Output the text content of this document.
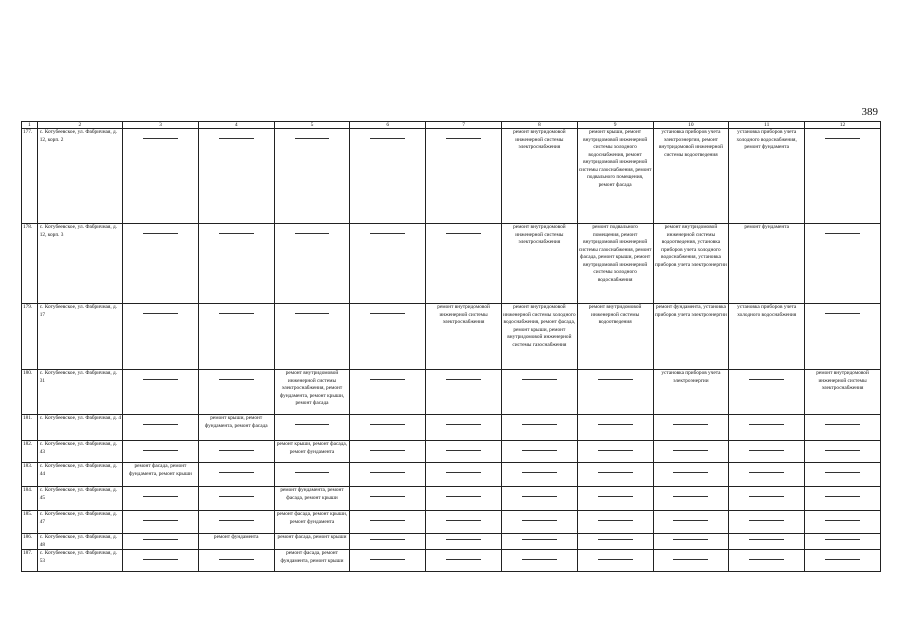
389
1	2	3	4	5	6	7	8	9	10	11	12
177.	с. Котубеевское, ул. Фабричная, д. 12, корп. 2						ремонт внутридомовой инженерной системы электроснабжения	ремонт крыши, ремонт внутридомовой инженерной системы холодного водоснабжения, ремонт внутридомовой инженерной системы газоснабжения, ремонт подвального помещения, ремонт фасада	установка приборов учета электроэнергии, ремонт внутридомовой инженерной системы водоотведения	установка приборов учета холодного водоснабжения, ремонт фундамента	

178.	с. Котубеевское, ул. Фабричная, д. 12, корп. 3						ремонт внутридомовой инженерной системы электроснабжения	ремонт подвального помещения, ремонт внутридомовой инженерной системы газоснабжения, ремонт фасада, ремонт крыши, ремонт внутридомовой инженерной системы холодного водоснабжения	ремонт внутридомовой инженерной системы водоотведения, установка приборов учета холодного водоснабжения, установка приборов учета электроэнергии	ремонт фундамента	

179.	с. Котубеевское, ул. Фабричная, д. 17					ремонт внутридомовой инженерной системы электроснабжения	ремонт внутридомовой инженерной системы холодного водоснабжения, ремонт фасада, ремонт крыши, ремонт внутридомовой инженерной системы газоснабжения	ремонт внутридомовой инженерной системы водоотведения	ремонт фундамента, установка приборов учета электроэнергии	установка приборов учета холодного водоснабжения	

180.	с. Котубеевское, ул. Фабричная, д. 31			ремонт внутридомовой инженерной системы электроснабжения, ремонт фундамента, ремонт крыши, ремонт фасада					установка приборов учета электроэнергии		ремонт внутридомовой инженерной системы электроснабжения
181.	с. Котубеевское, ул. Фабричная, д. 4		ремонт крыши, ремонт фундамента, ремонт фасада	

182.	с. Котубеевское, ул. Фабричная, д. 43			ремонт крыши, ремонт фасада, ремонт фундамента	

183.	с. Котубеевское, ул. Фабричная, д. 44	ремонт фасада, ремонт фундамента, ремонт крыши	

184.	с. Котубеевское, ул. Фабричная, д. 45			ремонт фундамента, ремонт фасада, ремонт крыши	

185.	с. Котубеевское, ул. Фабричная, д. 47			ремонт фасада, ремонт крыши, ремонт фундамента	

186.	с. Котубеевское, ул. Фабричная, д. 48		ремонт фундамента	ремонт фасада, ремонт крыши	

187.	с. Котубеевское, ул. Фабричная, д. 53			ремонт фасада, ремонт фундамента, ремонт крыши	
